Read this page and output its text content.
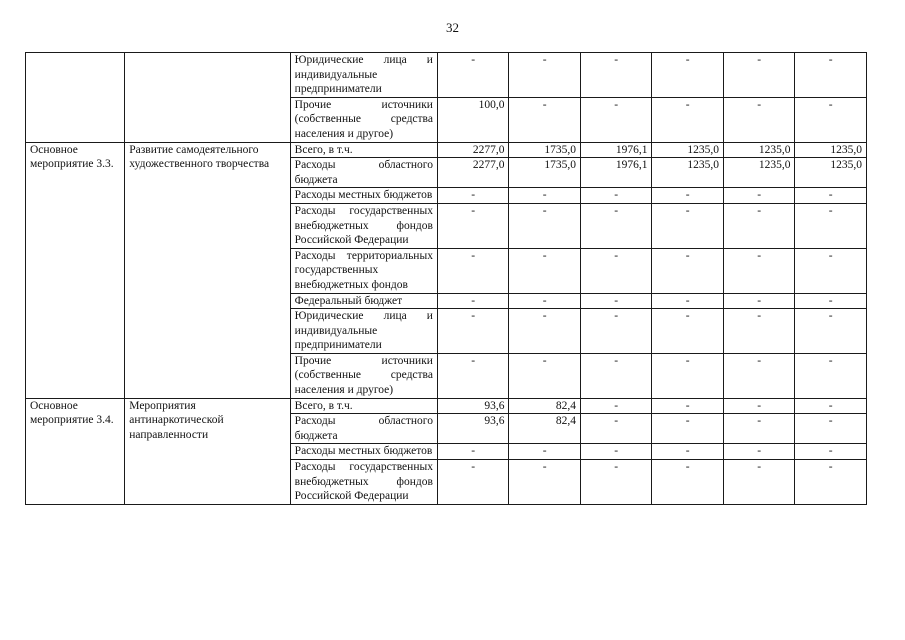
32
		Юридические лица и индивидуальные предприниматели	-	-	-	-	-	-
		Прочие источники (собственные средства населения и другое)	100,0	-	-	-	-	-
Основное мероприятие 3.3.	Развитие самодеятельного художественного творчества	Всего, в т.ч.	2277,0	1735,0	1976,1	1235,0	1235,0	1235,0
		Расходы областного бюджета	2277,0	1735,0	1976,1	1235,0	1235,0	1235,0
		Расходы местных бюджетов	-	-	-	-	-	-
		Расходы государственных внебюджетных фондов Российской Федерации	-	-	-	-	-	-
		Расходы территориальных государственных внебюджетных фондов	-	-	-	-	-	-
		Федеральный бюджет	-	-	-	-	-	-
		Юридические лица и индивидуальные предприниматели	-	-	-	-	-	-
		Прочие источники (собственные средства населения и другое)	-	-	-	-	-	-
Основное мероприятие 3.4.	Мероприятия антинаркотической направленности	Всего, в т.ч.	93,6	82,4	-	-	-	-
		Расходы областного бюджета	93,6	82,4	-	-	-	-
		Расходы местных бюджетов	-	-	-	-	-	-
		Расходы государственных внебюджетных фондов Российской Федерации	-	-	-	-	-	-
